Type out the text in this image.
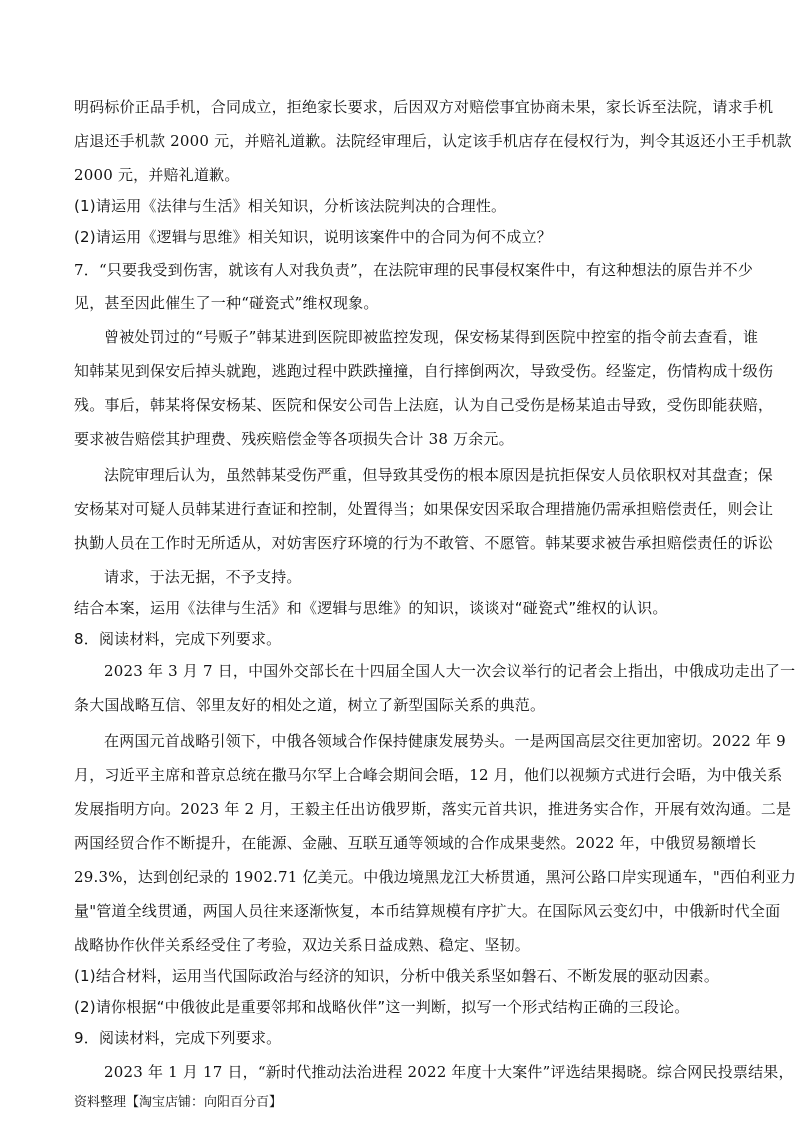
明码标价正品手机，合同成立，拒绝家长要求，后因双方对赔偿事宜协商未果，家长诉至法院，请求手机
店退还手机款 2000 元，并赔礼道歉。法院经审理后，认定该手机店存在侵权行为，判令其返还小王手机款
2000 元，并赔礼道歉。
(1)请运用《法律与生活》相关知识，分析该法院判决的合理性。
(2)请运用《逻辑与思维》相关知识，说明该案件中的合同为何不成立？
7．“只要我受到伤害，就该有人对我负责”，在法院审理的民事侵权案件中，有这种想法的原告并不少
见，甚至因此催生了一种“碰瓷式”维权现象。
曾被处罚过的“号贩子”韩某进到医院即被监控发现，保安杨某得到医院中控室的指令前去查看，谁
知韩某见到保安后掉头就跑，逃跑过程中跌跌撞撞，自行摔倒两次，导致受伤。经鉴定，伤情构成十级伤
残。事后，韩某将保安杨某、医院和保安公司告上法庭，认为自己受伤是杨某追击导致，受伤即能获赔，
要求被告赔偿其护理费、残疾赔偿金等各项损失合计 38 万余元。
法院审理后认为，虽然韩某受伤严重，但导致其受伤的根本原因是抗拒保安人员依职权对其盘查；保
安杨某对可疑人员韩某进行查证和控制，处置得当；如果保安因采取合理措施仍需承担赔偿责任，则会让
执勤人员在工作时无所适从，对妨害医疗环境的行为不敢管、不愿管。韩某要求被告承担赔偿责任的诉讼
请求，于法无据，不予支持。
结合本案，运用《法律与生活》和《逻辑与思维》的知识，谈谈对“碰瓷式”维权的认识。
8．阅读材料，完成下列要求。
2023 年 3 月 7 日，中国外交部长在十四届全国人大一次会议举行的记者会上指出，中俄成功走出了一
条大国战略互信、邻里友好的相处之道，树立了新型国际关系的典范。
在两国元首战略引领下，中俄各领域合作保持健康发展势头。一是两国高层交往更加密切。2022 年 9
月，习近平主席和普京总统在撒马尔罕上合峰会期间会晤，12 月，他们以视频方式进行会晤，为中俄关系
发展指明方向。2023 年 2 月，王毅主任出访俄罗斯，落实元首共识，推进务实合作，开展有效沟通。二是
两国经贸合作不断提升，在能源、金融、互联互通等领域的合作成果斐然。2022 年，中俄贸易额增长
29.3%，达到创纪录的 1902.71 亿美元。中俄边境黑龙江大桥贯通，黑河公路口岸实现通车，"西伯利亚力
量"管道全线贯通，两国人员往来逐渐恢复，本币结算规模有序扩大。在国际风云变幻中，中俄新时代全面
战略协作伙伴关系经受住了考验，双边关系日益成熟、稳定、坚韧。
(1)结合材料，运用当代国际政治与经济的知识，分析中俄关系坚如磐石、不断发展的驱动因素。
(2)请你根据“中俄彼此是重要邻邦和战略伙伴”这一判断，拟写一个形式结构正确的三段论。
9．阅读材料，完成下列要求。
2023 年 1 月 17 日，“新时代推动法治进程 2022 年度十大案件”评选结果揭晓。综合网民投票结果，
资料整理【淘宝店铺：向阳百分百】
